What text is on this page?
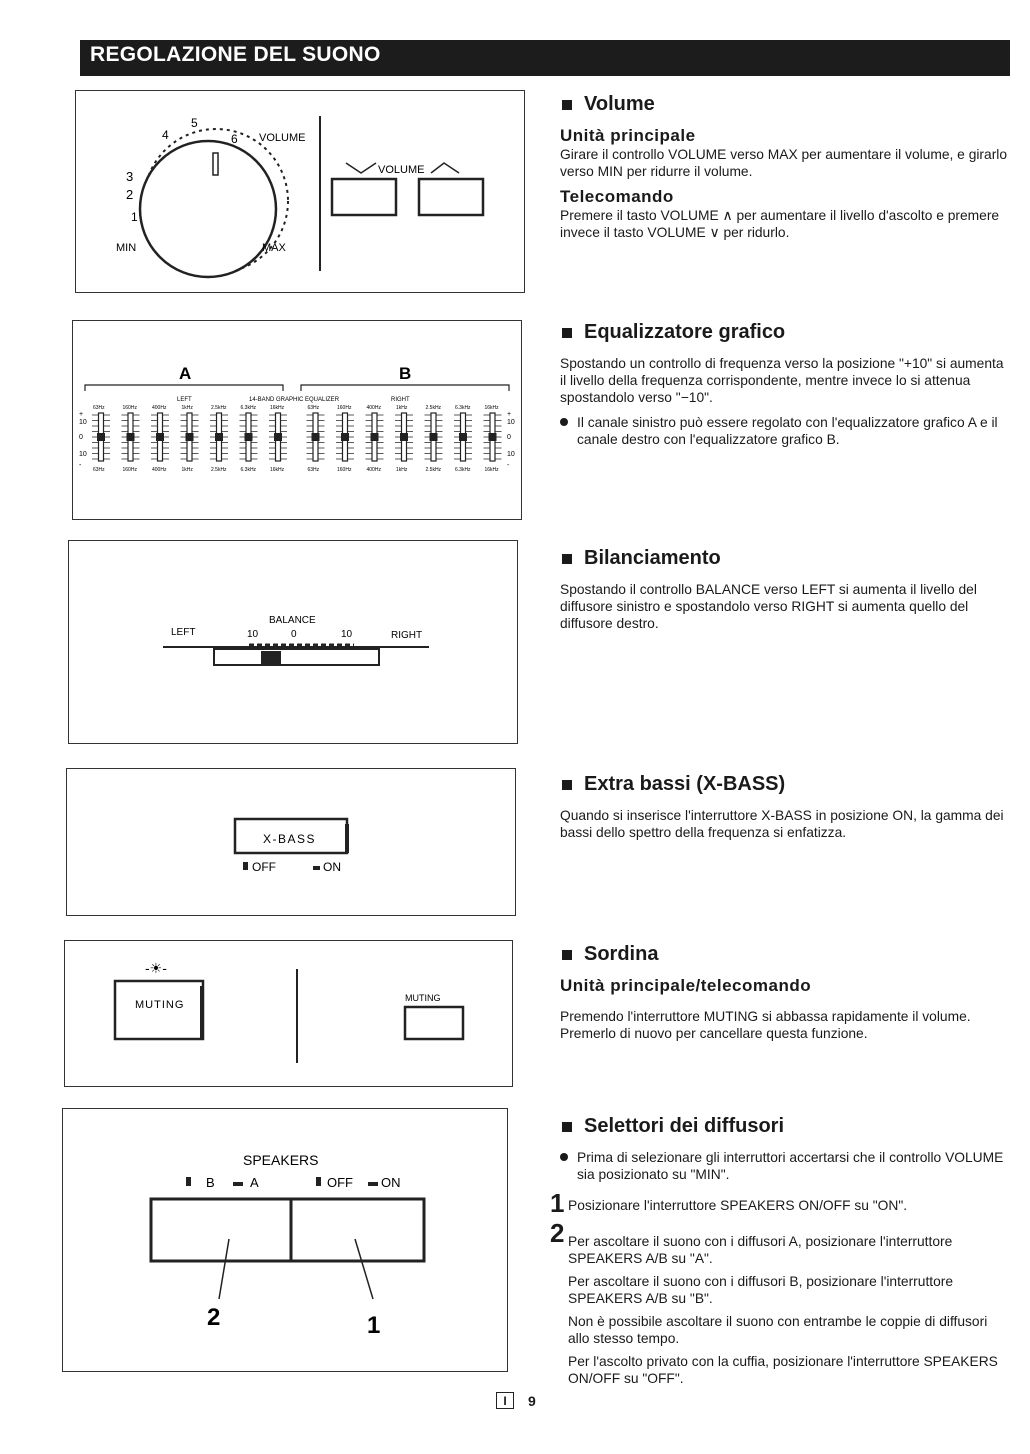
REGOLAZIONE DEL SUONO
3
2
1
5
6
4	VOLUME
MIN	MAX
VOLUME
A	B
LEFT	14-BAND GRAPHIC EQUALIZER	RIGHT
+	+
10	10
0	0
10	10
-	-
63Hz
63Hz
160Hz
160Hz
400Hz
400Hz
1kHz
1kHz
2.5kHz
2.5kHz
6.3kHz
6.3kHz
16kHz
16kHz
63Hz
63Hz
160Hz
160Hz
400Hz
400Hz
1kHz
1kHz
2.5kHz
2.5kHz
6.3kHz
6.3kHz
16kHz
16kHz
BALANCE
LEFT	10	0	10	RIGHT
X-BASS
OFF	ON
-☀-
MUTING
MUTING
SPEAKERS
B	A	OFF ON
2	1
Volume
Unità principale

Girare il controllo VOLUME verso MAX per aumentare il volume, e girarlo verso MIN per ridurre il volume.

Telecomando

Premere il tasto VOLUME ∧ per aumentare il livello d'ascolto e premere invece il tasto VOLUME ∨ per ridurlo.

Equalizzatore grafico

Spostando un controllo di frequenza verso la posizione "+10" si aumenta il livello della frequenza corrispondente, mentre invece lo si attenua spostandolo verso "−10".

Il canale sinistro può essere regolato con l'equalizzatore grafico A e il canale destro con l'equalizzatore grafico B.
Bilanciamento

Spostando il controllo BALANCE verso LEFT si aumenta il livello del diffusore sinistro e spostandolo verso RIGHT si aumenta quello del diffusore destro.

Extra bassi (X-BASS)

Quando si inserisce l'interruttore X-BASS in posizione ON, la gamma dei bassi dello spettro della frequenza si enfatizza.

Sordina
Unità principale/telecomando

Premendo l'interruttore MUTING si abbassa rapidamente il volume. Premerlo di nuovo per cancellare questa funzione.

Selettori dei diffusori
Prima di selezionare gli interruttori accertarsi che il controllo VOLUME sia posizionato su "MIN".
1 Posizionare l'interruttore SPEAKERS ON/OFF su "ON".
2 Per ascoltare il suono con i diffusori A, posizionare l'interruttore SPEAKERS A/B su "A".
Per ascoltare il suono con i diffusori B, posizionare l'interruttore SPEAKERS A/B su "B".
Non è possibile ascoltare il suono con entrambe le coppie di diffusori allo stesso tempo.
Per l'ascolto privato con la cuffia, posizionare l'interruttore SPEAKERS ON/OFF su "OFF".
I	9
